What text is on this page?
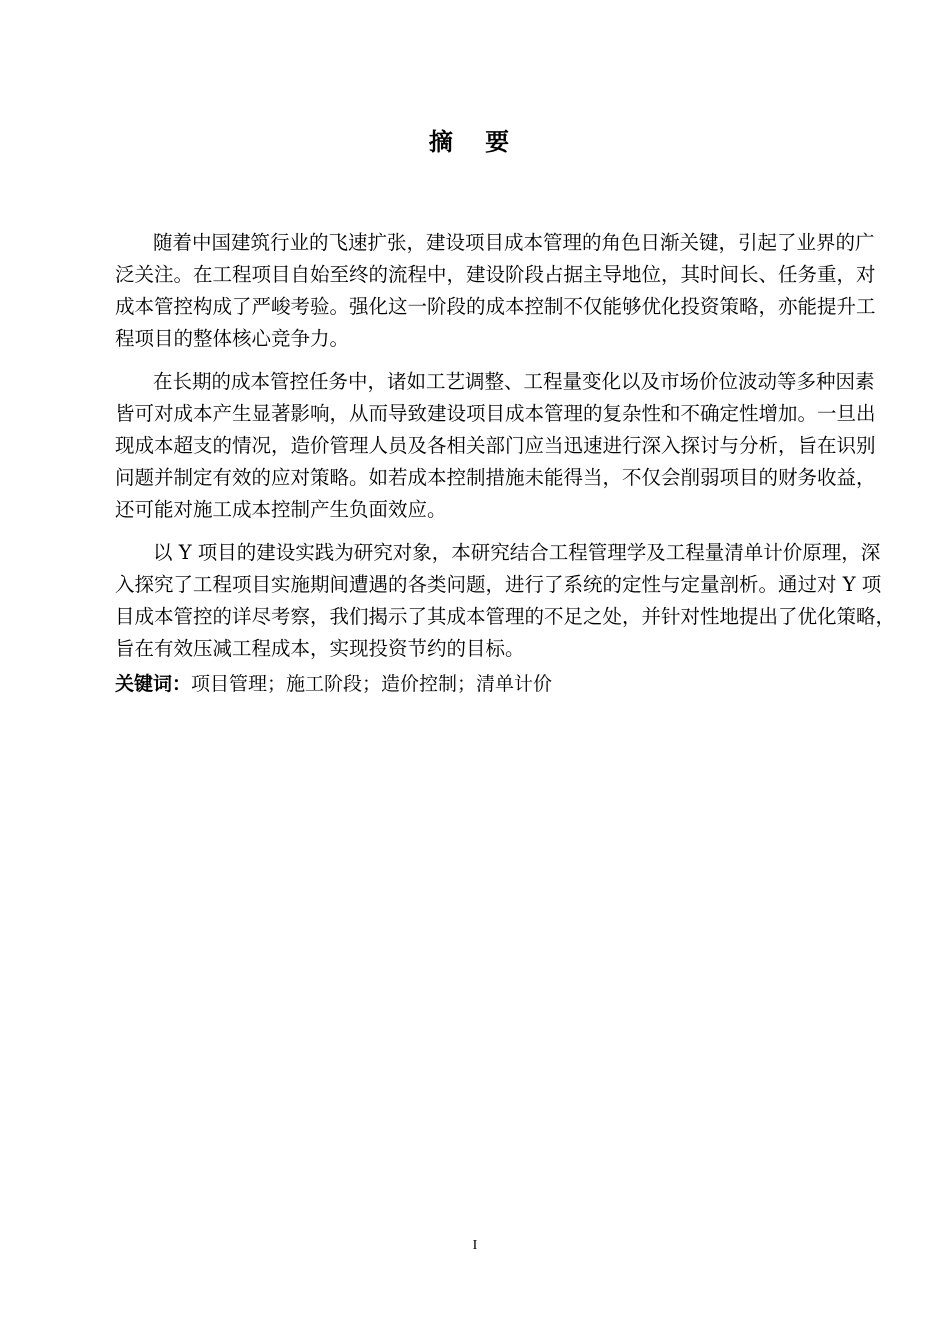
摘 要
随着中国建筑行业的飞速扩张，建设项目成本管理的角色日渐关键，引起了业界的广
泛关注。在工程项目自始至终的流程中，建设阶段占据主导地位，其时间长、任务重，对
成本管控构成了严峻考验。强化这一阶段的成本控制不仅能够优化投资策略，亦能提升工
程项目的整体核心竞争力。
在长期的成本管控任务中，诸如工艺调整、工程量变化以及市场价位波动等多种因素
皆可对成本产生显著影响，从而导致建设项目成本管理的复杂性和不确定性增加。一旦出
现成本超支的情况，造价管理人员及各相关部门应当迅速进行深入探讨与分析，旨在识别
问题并制定有效的应对策略。如若成本控制措施未能得当，不仅会削弱项目的财务收益，
还可能对施工成本控制产生负面效应。
以 Y 项目的建设实践为研究对象，本研究结合工程管理学及工程量清单计价原理，深
入探究了工程项目实施期间遭遇的各类问题，进行了系统的定性与定量剖析。通过对 Y 项
目成本管控的详尽考察，我们揭示了其成本管理的不足之处，并针对性地提出了优化策略，
旨在有效压减工程成本，实现投资节约的目标。
关键词：项目管理；施工阶段；造价控制；清单计价
I
